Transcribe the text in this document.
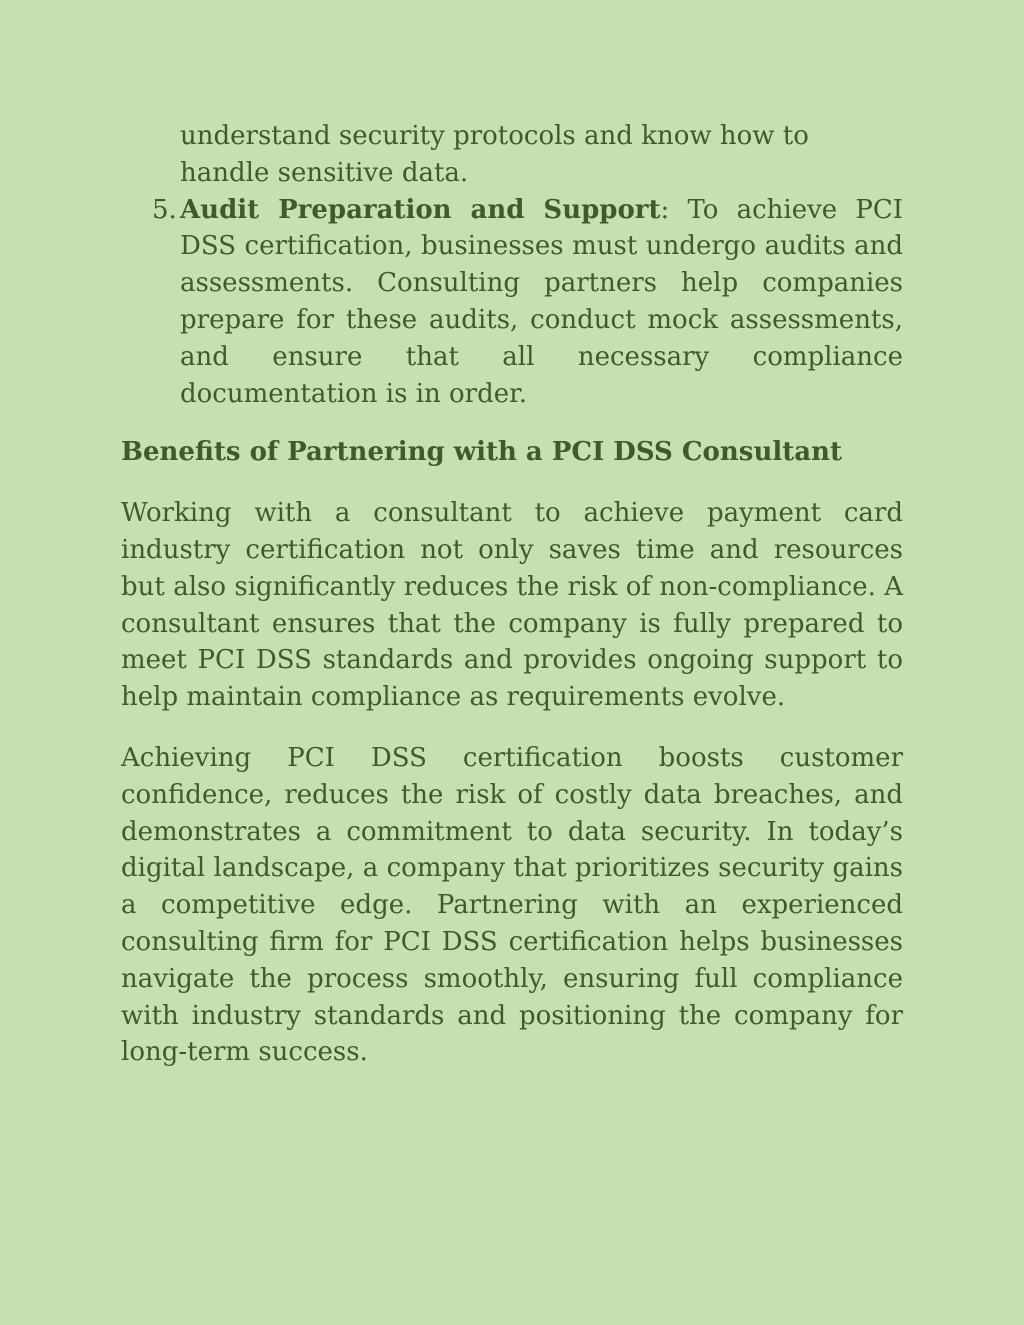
understand security protocols and know how to handle sensitive data.

5. Audit Preparation and Support: To achieve PCI DSS certification, businesses must undergo audits and assessments. Consulting partners help companies prepare for these audits, conduct mock assessments, and ensure that all necessary compliance documentation is in order.
Benefits of Partnering with a PCI DSS Consultant

Working with a consultant to achieve payment card industry certification not only saves time and resources but also significantly reduces the risk of non-compliance. A consultant ensures that the company is fully prepared to meet PCI DSS standards and provides ongoing support to help maintain compliance as requirements evolve.

Achieving PCI DSS certification boosts customer confidence, reduces the risk of costly data breaches, and demonstrates a commitment to data security. In today’s digital landscape, a company that prioritizes security gains a competitive edge. Partnering with an experienced consulting firm for PCI DSS certification helps businesses navigate the process smoothly, ensuring full compliance with industry standards and positioning the company for long-term success.
